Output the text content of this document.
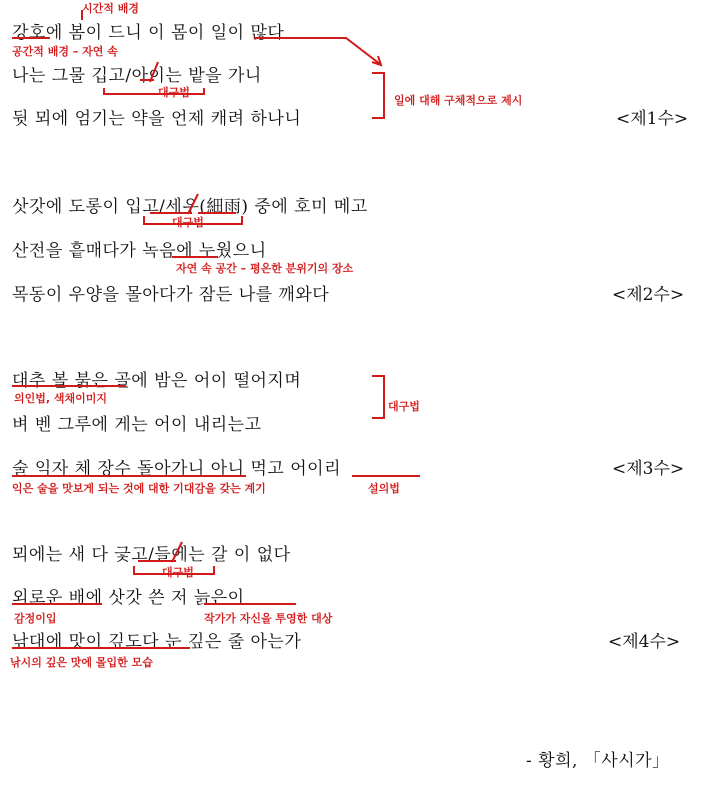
시간적 배경
강호에 봄이 드니 이 몸이 일이 많다
공간적 배경 – 자연 속
나는 그물 깁고/아이는 밭을 가니
대구법
일에 대해 구체적으로 제시
뒷 뫼에 엄기는 약을 언제 캐려 하나니	<제1수>
삿갓에 도롱이 입고/세우(細雨) 중에 호미 메고
대구법
산전을 흩매다가 녹음에 누웠으니
자연 속 공간 – 평온한 분위기의 장소
목동이 우양을 몰아다가 잠든 나를 깨와다	<제2수>
대추 볼 붉은 골에 밤은 어이 떨어지며
의인법, 색채이미지
대구법
벼 벤 그루에 게는 어이 내리는고
술 익자 체 장수 돌아가니 아니 먹고 어이리	<제3수>
익은 술을 맛보게 되는 것에 대한 기대감을 갖는 계기	설의법
뫼에는 새 다 긏고/들에는 갈 이 없다
대구법
외로운 배에 삿갓 쓴 저 늙은이
감정이입	작가가 자신을 투영한 대상
낚대에 맛이 깊도다 눈 깊은 줄 아는가	<제4수>
낚시의 깊은 맛에 몰입한 모습
- 황희, 「사시가」
